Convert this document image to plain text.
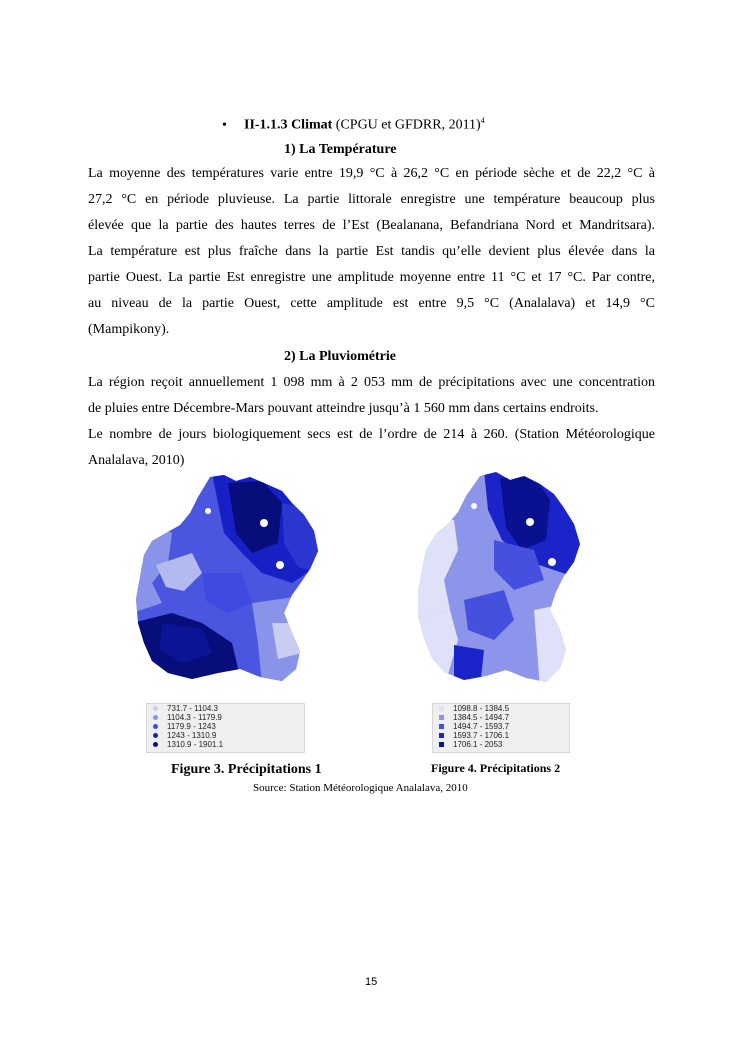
• II-1.1.3 Climat (CPGU et GFDRR, 2011)$^4$
1) La Température
La moyenne des températures varie entre 19,9 °C à 26,2 °C en période sèche et de 22,2 °C à
27,2 °C en période pluvieuse. La partie littorale enregistre une température beaucoup plus
élevée que la partie des hautes terres de l’Est (Bealanana, Befandriana Nord et Mandritsara).
La température est plus fraîche dans la partie Est tandis qu’elle devient plus élevée dans la
partie Ouest. La partie Est enregistre une amplitude moyenne entre 11 °C et 17 °C. Par contre,
au niveau de la partie Ouest, cette amplitude est entre 9,5 °C (Analalava) et 14,9 °C
(Mampikony).
2) La Pluviométrie
La région reçoit annuellement 1 098 mm à 2 053 mm de précipitations avec une concentration
de pluies entre Décembre-Mars pouvant atteindre jusqu’à 1 560 mm dans certains endroits.
Le nombre de jours biologiquement secs est de l’ordre de 214 à 260. (Station Météorologique
Analalava, 2010)
731.7 - 1104.3
1104.3 - 1179.9
1179.9 - 1243
1243 - 1310.9
1310.9 - 1901.1
1098.8 - 1384.5
1384.5 - 1494.7
1494.7 - 1593.7
1593.7 - 1706.1
1706.1 - 2053
Figure 3. Précipitations 1	Figure 4. Précipitations 2
Source: Station Météorologique Analalava, 2010
15
